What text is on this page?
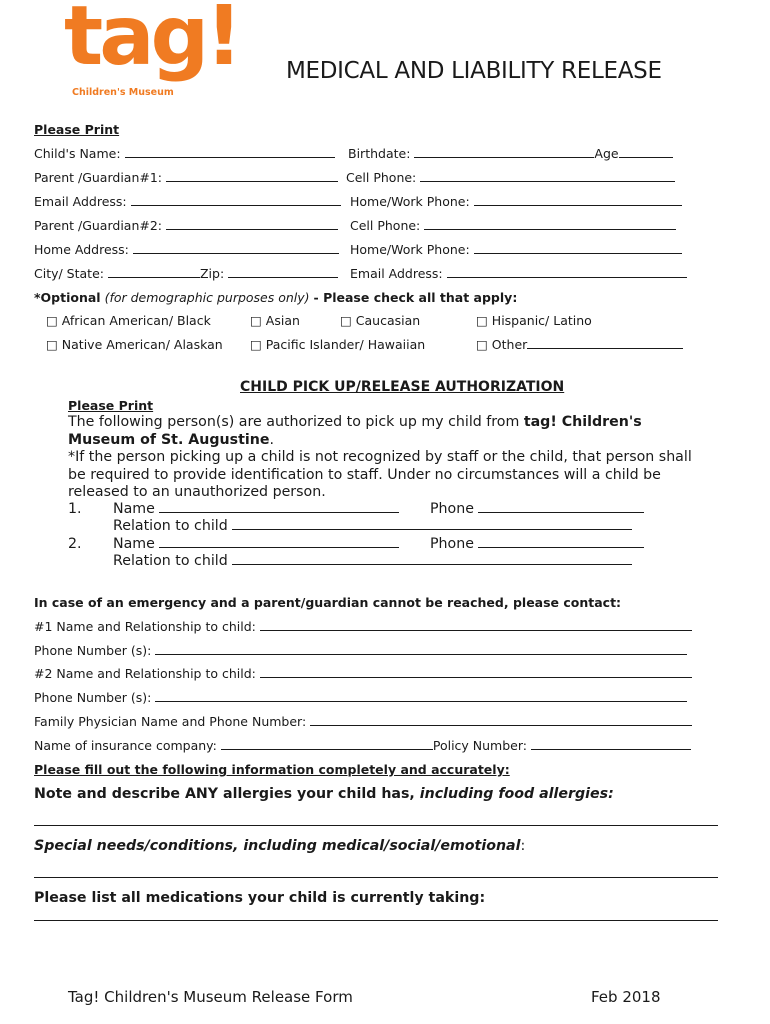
tag!
Children's Museum
MEDICAL AND LIABILITY RELEASE
Please Print
Child's Name:	Birthdate:	Age
Parent /Guardian#1:	Cell Phone:
Email Address:	Home/Work Phone:
Parent /Guardian#2:	Cell Phone:
Home Address:	Home/Work Phone:
City/ State:	Zip:	Email Address:
*Optional (for demographic purposes only) - Please check all that apply:
□ African American/ Black	□ Asian	□ Caucasian	□ Hispanic/ Latino
□ Native American/ Alaskan □ Pacific Islander/ Hawaiian	□ Other
CHILD PICK UP/RELEASE AUTHORIZATION
Please Print
The following person(s) are authorized to pick up my child from tag! Children's Museum of St. Augustine.
*If the person picking up a child is not recognized by staff or the child, that person shall be required to provide identification to staff. Under no circumstances will a child be released to an unauthorized person.
1. Name	Phone
Relation to child
2. Name	Phone
Relation to child
In case of an emergency and a parent/guardian cannot be reached, please contact:
#1 Name and Relationship to child:
Phone Number (s):
#2 Name and Relationship to child:
Phone Number (s):
Family Physician Name and Phone Number:
Name of insurance company:	Policy Number:
Please fill out the following information completely and accurately:
Note and describe ANY allergies your child has, including food allergies:
Special needs/conditions, including medical/social/emotional:
Please list all medications your child is currently taking:
Tag! Children's Museum Release Form	Feb 2018
